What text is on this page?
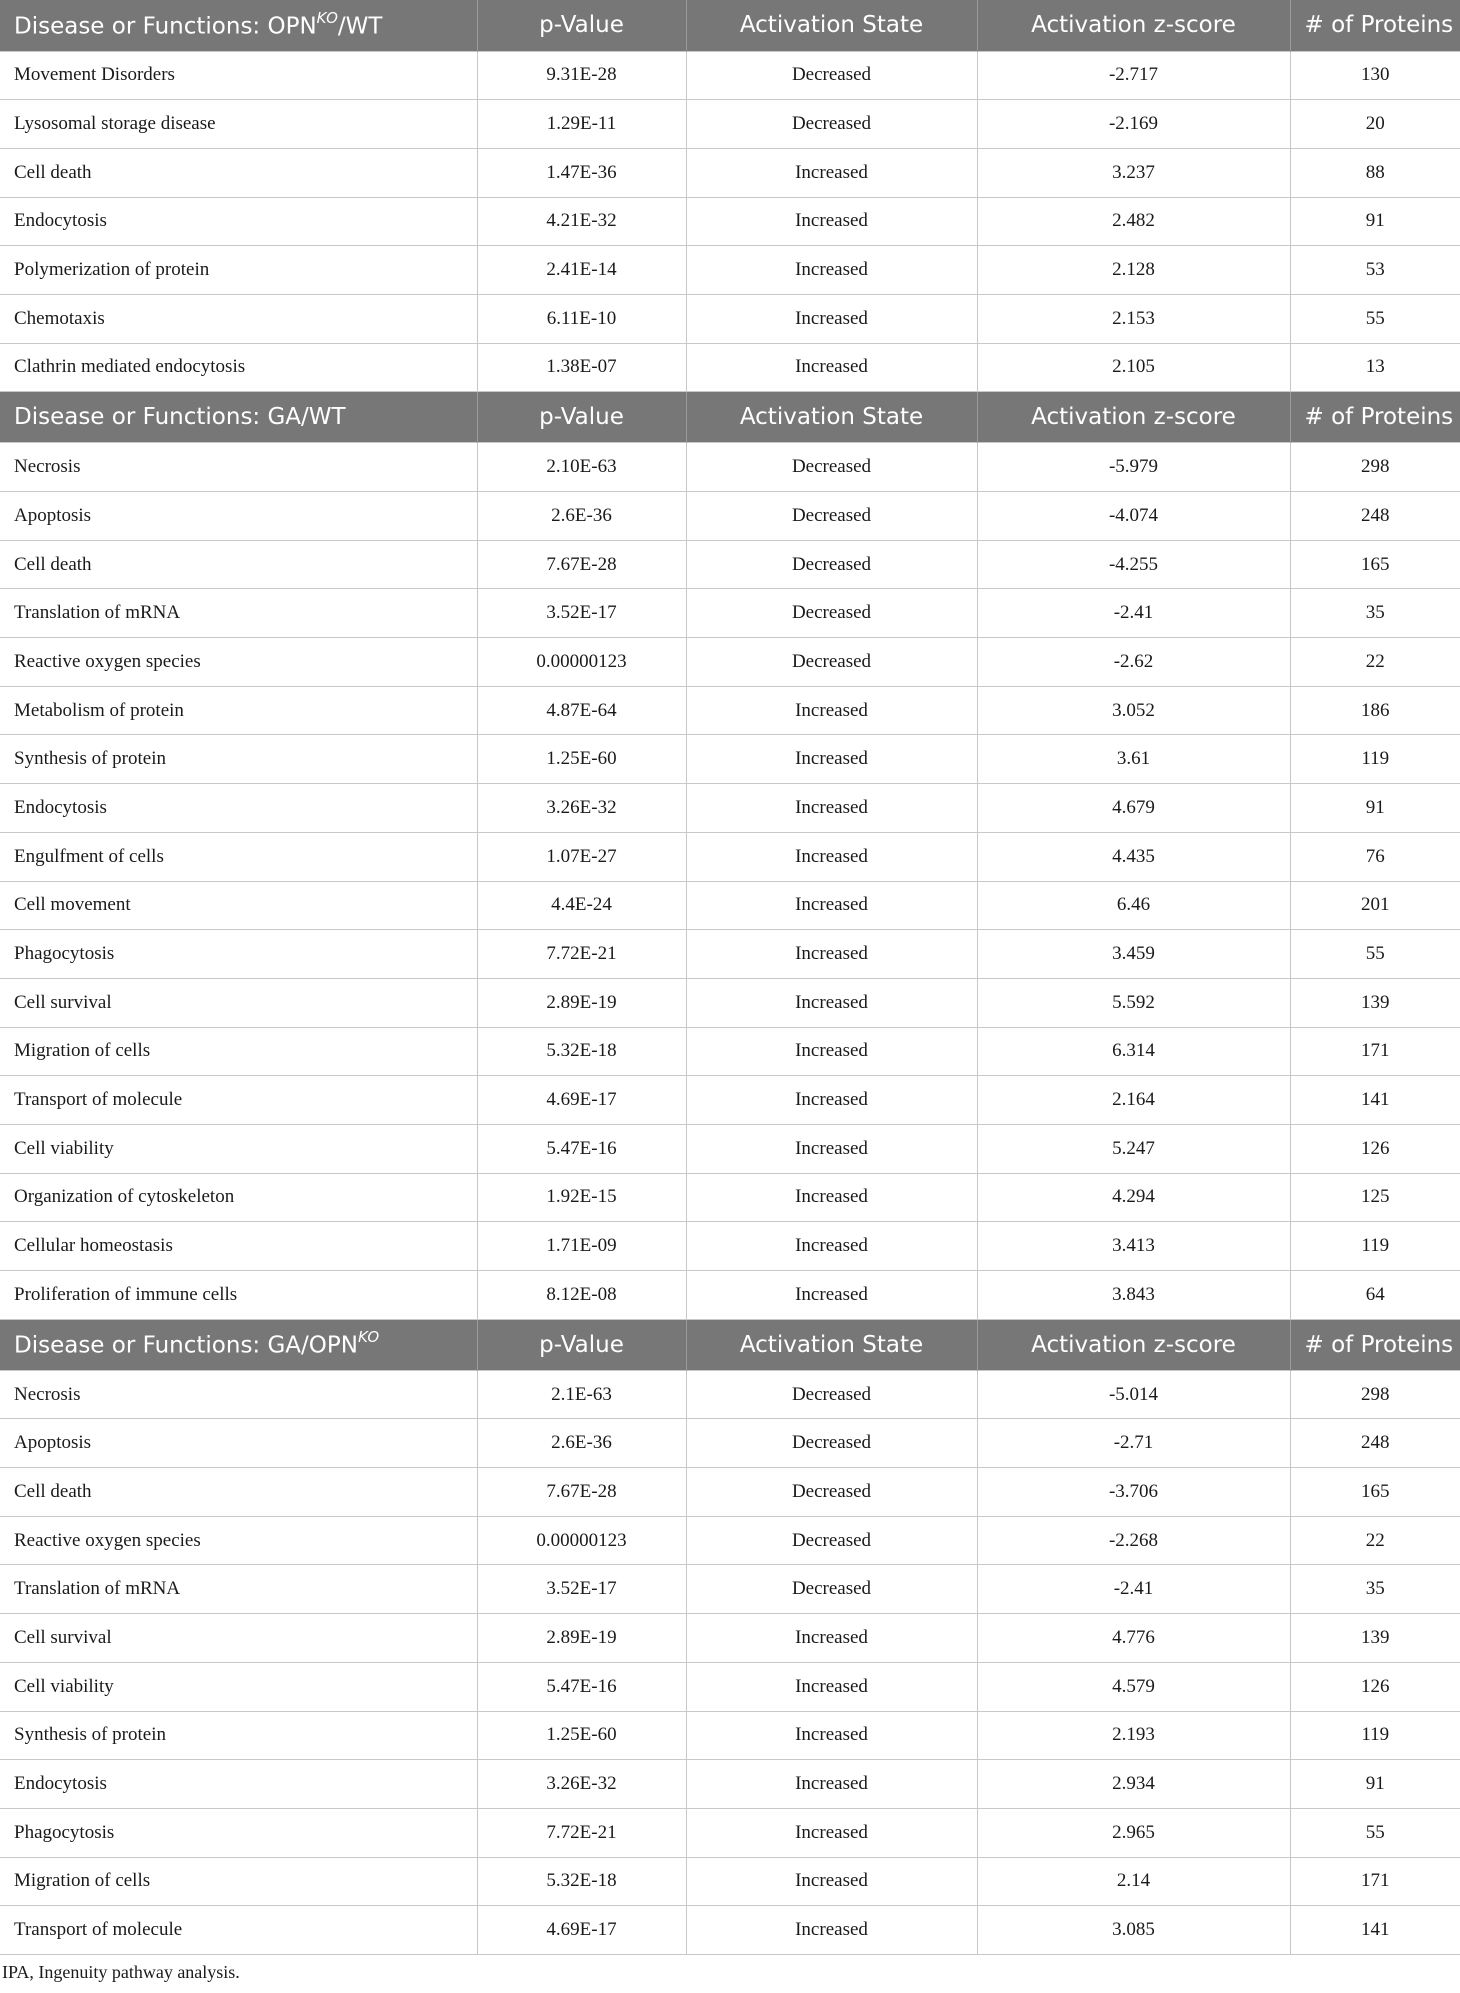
Disease or Functions: $OPN^{KO}/WT$	p-Value	Activation State	Activation z-score	# of Proteins
Movement Disorders	9.31E-28	Decreased	-2.717	130
Lysosomal storage disease	1.29E-11	Decreased	-2.169	20
Cell death	1.47E-36	Increased	3.237	88
Endocytosis	4.21E-32	Increased	2.482	91
Polymerization of protein	2.41E-14	Increased	2.128	53
Chemotaxis	6.11E-10	Increased	2.153	55
Clathrin mediated endocytosis	1.38E-07	Increased	2.105	13
Disease or Functions: GA/WT	p-Value	Activation State	Activation z-score	# of Proteins
Necrosis	2.10E-63	Decreased	-5.979	298
Apoptosis	2.6E-36	Decreased	-4.074	248
Cell death	7.67E-28	Decreased	-4.255	165
Translation of mRNA	3.52E-17	Decreased	-2.41	35
Reactive oxygen species	0.00000123	Decreased	-2.62	22
Metabolism of protein	4.87E-64	Increased	3.052	186
Synthesis of protein	1.25E-60	Increased	3.61	119
Endocytosis	3.26E-32	Increased	4.679	91
Engulfment of cells	1.07E-27	Increased	4.435	76
Cell movement	4.4E-24	Increased	6.46	201
Phagocytosis	7.72E-21	Increased	3.459	55
Cell survival	2.89E-19	Increased	5.592	139
Migration of cells	5.32E-18	Increased	6.314	171
Transport of molecule	4.69E-17	Increased	2.164	141
Cell viability	5.47E-16	Increased	5.247	126
Organization of cytoskeleton	1.92E-15	Increased	4.294	125
Cellular homeostasis	1.71E-09	Increased	3.413	119
Proliferation of immune cells	8.12E-08	Increased	3.843	64
Disease or Functions: $GA/OPN^{KO}$	p-Value	Activation State	Activation z-score	# of Proteins
Necrosis	2.1E-63	Decreased	-5.014	298
Apoptosis	2.6E-36	Decreased	-2.71	248
Cell death	7.67E-28	Decreased	-3.706	165
Reactive oxygen species	0.00000123	Decreased	-2.268	22
Translation of mRNA	3.52E-17	Decreased	-2.41	35
Cell survival	2.89E-19	Increased	4.776	139
Cell viability	5.47E-16	Increased	4.579	126
Synthesis of protein	1.25E-60	Increased	2.193	119
Endocytosis	3.26E-32	Increased	2.934	91
Phagocytosis	7.72E-21	Increased	2.965	55
Migration of cells	5.32E-18	Increased	2.14	171
Transport of molecule	4.69E-17	Increased	3.085	141
IPA, Ingenuity pathway analysis.
